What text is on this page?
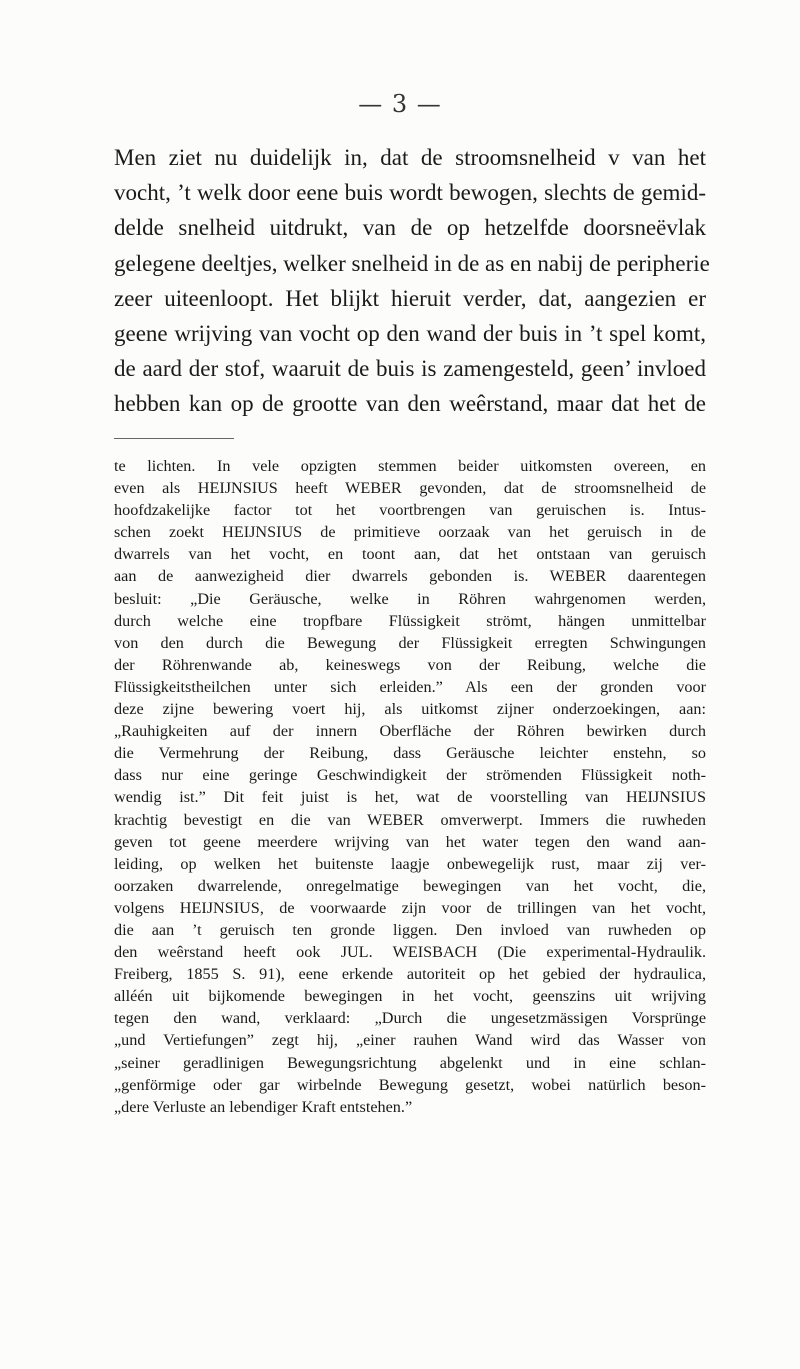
— 3 —

Men ziet nu duidelijk in, dat de stroomsnelheid v van het
vocht, ’t welk door eene buis wordt bewogen, slechts de gemid-
delde snelheid uitdrukt, van de op hetzelfde doorsneëvlak
gelegene deeltjes, welker snelheid in de as en nabij de peripherie
zeer uiteenloopt. Het blijkt hieruit verder, dat, aangezien er
geene wrijving van vocht op den wand der buis in ’t spel komt,
de aard der stof, waaruit de buis is zamengesteld, geen’ invloed
hebben kan op de grootte van den weêrstand, maar dat het de

te lichten. In vele opzigten stemmen beider uitkomsten overeen, en
even als HEIJNSIUS heeft WEBER gevonden, dat de stroomsnelheid de
hoofdzakelijke factor tot het voortbrengen van geruischen is. Intus-
schen zoekt HEIJNSIUS de primitieve oorzaak van het geruisch in de
dwarrels van het vocht, en toont aan, dat het ontstaan van geruisch
aan de aanwezigheid dier dwarrels gebonden is. WEBER daarentegen
besluit: „Die Geräusche, welke in Röhren wahrgenomen werden,
durch welche eine tropfbare Flüssigkeit strömt, hängen unmittelbar
von den durch die Bewegung der Flüssigkeit erregten Schwingungen
der Röhrenwande ab, keineswegs von der Reibung, welche die
Flüssigkeitstheilchen unter sich erleiden.” Als een der gronden voor
deze zijne bewering voert hij, als uitkomst zijner onderzoekingen, aan:
„Rauhigkeiten auf der innern Oberfläche der Röhren bewirken durch
die Vermehrung der Reibung, dass Geräusche leichter enstehn, so
dass nur eine geringe Geschwindigkeit der strömenden Flüssigkeit noth-
wendig ist.” Dit feit juist is het, wat de voorstelling van HEIJNSIUS
krachtig bevestigt en die van WEBER omverwerpt. Immers die ruwheden
geven tot geene meerdere wrijving van het water tegen den wand aan-
leiding, op welken het buitenste laagje onbewegelijk rust, maar zij ver-
oorzaken dwarrelende, onregelmatige bewegingen van het vocht, die,
volgens HEIJNSIUS, de voorwaarde zijn voor de trillingen van het vocht,
die aan ’t geruisch ten gronde liggen. Den invloed van ruwheden op
den weêrstand heeft ook JUL. WEISBACH (Die experimental-Hydraulik.
Freiberg, 1855 S. 91), eene erkende autoriteit op het gebied der hydraulica,
alléén uit bijkomende bewegingen in het vocht, geenszins uit wrijving
tegen den wand, verklaard: „Durch die ungesetzmässigen Vorsprünge
„und Vertiefungen” zegt hij, „einer rauhen Wand wird das Wasser von
„seiner geradlinigen Bewegungsrichtung abgelenkt und in eine schlan-
„genförmige oder gar wirbelnde Bewegung gesetzt, wobei natürlich beson-
„dere Verluste an lebendiger Kraft entstehen.”
